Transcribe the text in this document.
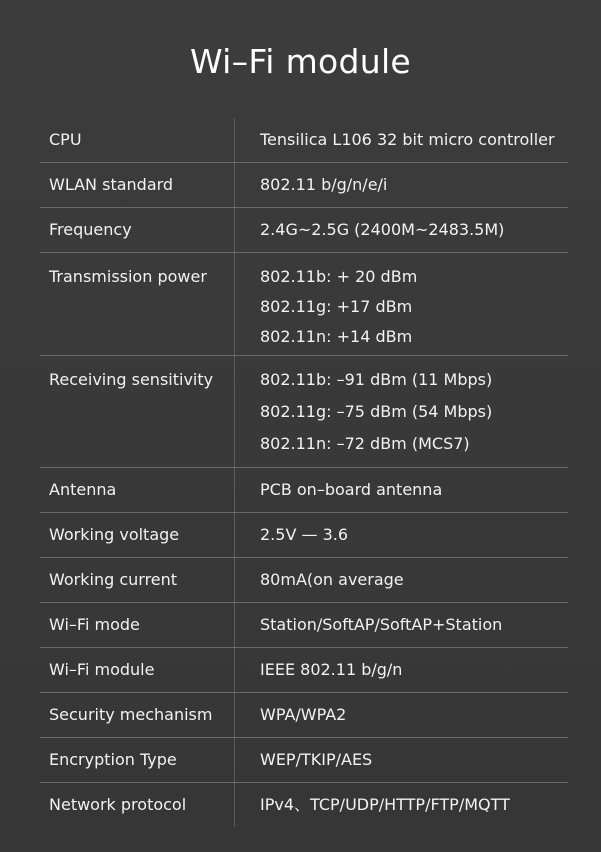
Wi–Fi module
CPU	Tensilica L106 32 bit micro controller
WLAN standard	802.11 b/g/n/e/i
Frequency	2.4G~2.5G (2400M~2483.5M)
Transmission power	802.11b: + 20 dBm
802.11g: +17 dBm
802.11n: +14 dBm
Receiving sensitivity	802.11b: –91 dBm (11 Mbps)
802.11g: –75 dBm (54 Mbps)
802.11n: –72 dBm (MCS7)
Antenna	PCB on–board antenna
Working voltage	2.5V — 3.6
Working current	80mA(on average
Wi–Fi mode	Station/SoftAP/SoftAP+Station
Wi–Fi module	IEEE 802.11 b/g/n
Security mechanism	WPA/WPA2
Encryption Type	WEP/TKIP/AES
Network protocol	IPv4、TCP/UDP/HTTP/FTP/MQTT
